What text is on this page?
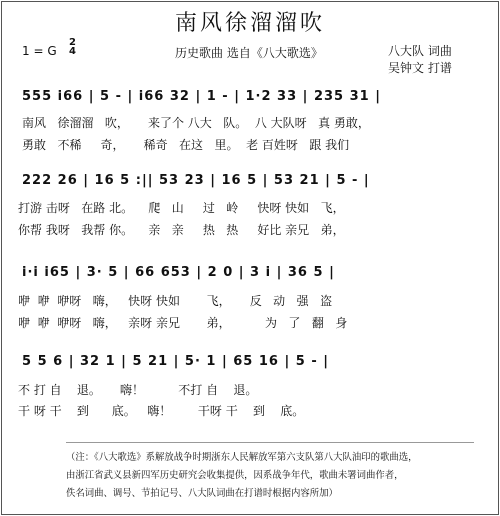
南风徐溜溜吹
1 = G
2
4	历史歌曲 选自《八大歌选》	八大队 词曲
吴钟文 打谱
555 i66 | 5 - | i66 32 | 1 - | 1·2 33 | 235 31 |
南风   徐溜溜   吹，     来了个 八大   队。  八 大队呀   真 勇敢，
勇敢   不稀     奇，     稀奇   在这   里。  老 百姓呀   跟 我们
222 26 | 16 5 :|| 53 23 | 16 5 | 53 21 | 5 - |
打游 击呀   在路 北。    爬   山     过   岭     快呀 快如   飞，
你帮 我呀   我帮 你。    亲   亲     热   热     好比 亲兄   弟，
i·i i65 | 3· 5 | 66 653 | 2 0 | 3 i | 36 5 |
咿  咿  咿呀   嗨，   快呀 快如       飞，     反   动   强   盗
咿  咿  咿呀   嗨，   亲呀 亲兄       弟，         为   了   翻   身
5 5 6 | 32 1 | 5 21 | 5· 1 | 65 16 | 5 - |
不 打 自    退。     嗨！         不打 自    退。
干 呀 干    到      底。   嗨！       干呀 干    到    底。
（注：《八大歌选》系解放战争时期浙东人民解放军第六支队第八大队油印的歌曲选，
由浙江省武义县新四军历史研究会收集提供，因系战争年代，歌曲未署词曲作者，
佚名词曲、调号、节拍记号、八大队词曲在打谱时根据内容所加）
